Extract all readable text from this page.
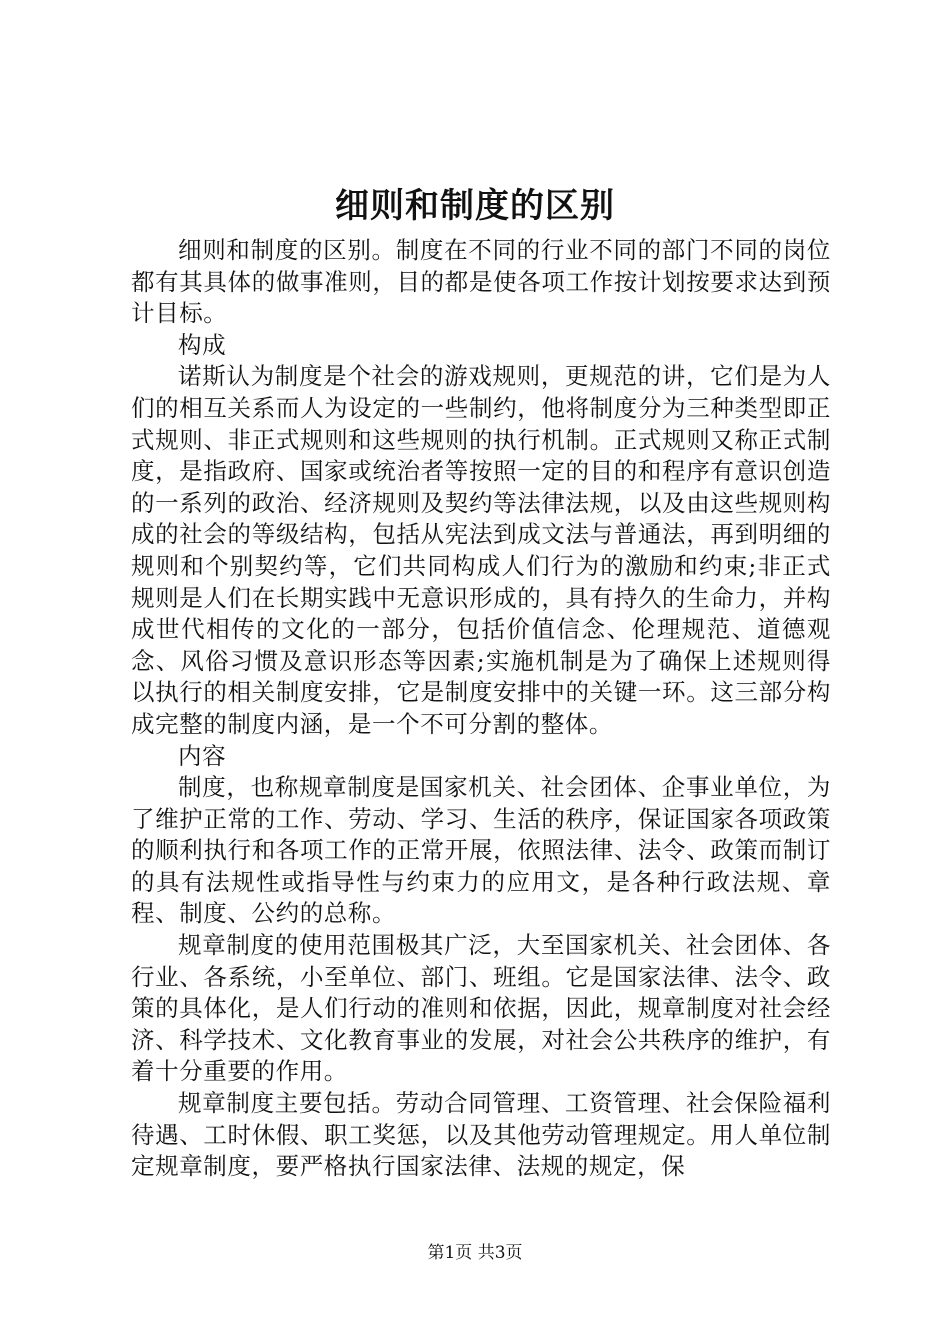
细则和制度的区别

细则和制度的区别。制度在不同的行业不同的部门不同的岗位都有其具体的做事准则，目的都是使各项工作按计划按要求达到预计目标。

构成

诺斯认为制度是个社会的游戏规则，更规范的讲，它们是为人们的相互关系而人为设定的一些制约，他将制度分为三种类型即正式规则、非正式规则和这些规则的执行机制。正式规则又称正式制度，是指政府、国家或统治者等按照一定的目的和程序有意识创造的一系列的政治、经济规则及契约等法律法规，以及由这些规则构成的社会的等级结构，包括从宪法到成文法与普通法，再到明细的规则和个别契约等，它们共同构成人们行为的激励和约束;非正式规则是人们在长期实践中无意识形成的，具有持久的生命力，并构成世代相传的文化的一部分，包括价值信念、伦理规范、道德观念、风俗习惯及意识形态等因素;实施机制是为了确保上述规则得以执行的相关制度安排，它是制度安排中的关键一环。这三部分构成完整的制度内涵，是一个不可分割的整体。

内容

制度，也称规章制度是国家机关、社会团体、企事业单位，为了维护正常的工作、劳动、学习、生活的秩序，保证国家各项政策的顺利执行和各项工作的正常开展，依照法律、法令、政策而制订的具有法规性或指导性与约束力的应用文，是各种行政法规、章程、制度、公约的总称。

规章制度的使用范围极其广泛，大至国家机关、社会团体、各行业、各系统，小至单位、部门、班组。它是国家法律、法令、政策的具体化，是人们行动的准则和依据，因此，规章制度对社会经济、科学技术、文化教育事业的发展，对社会公共秩序的维护，有着十分重要的作用。

规章制度主要包括。劳动合同管理、工资管理、社会保险福利待遇、工时休假、职工奖惩，以及其他劳动管理规定。用人单位制定规章制度，要严格执行国家法律、法规的规定，保

第1页 共3页
